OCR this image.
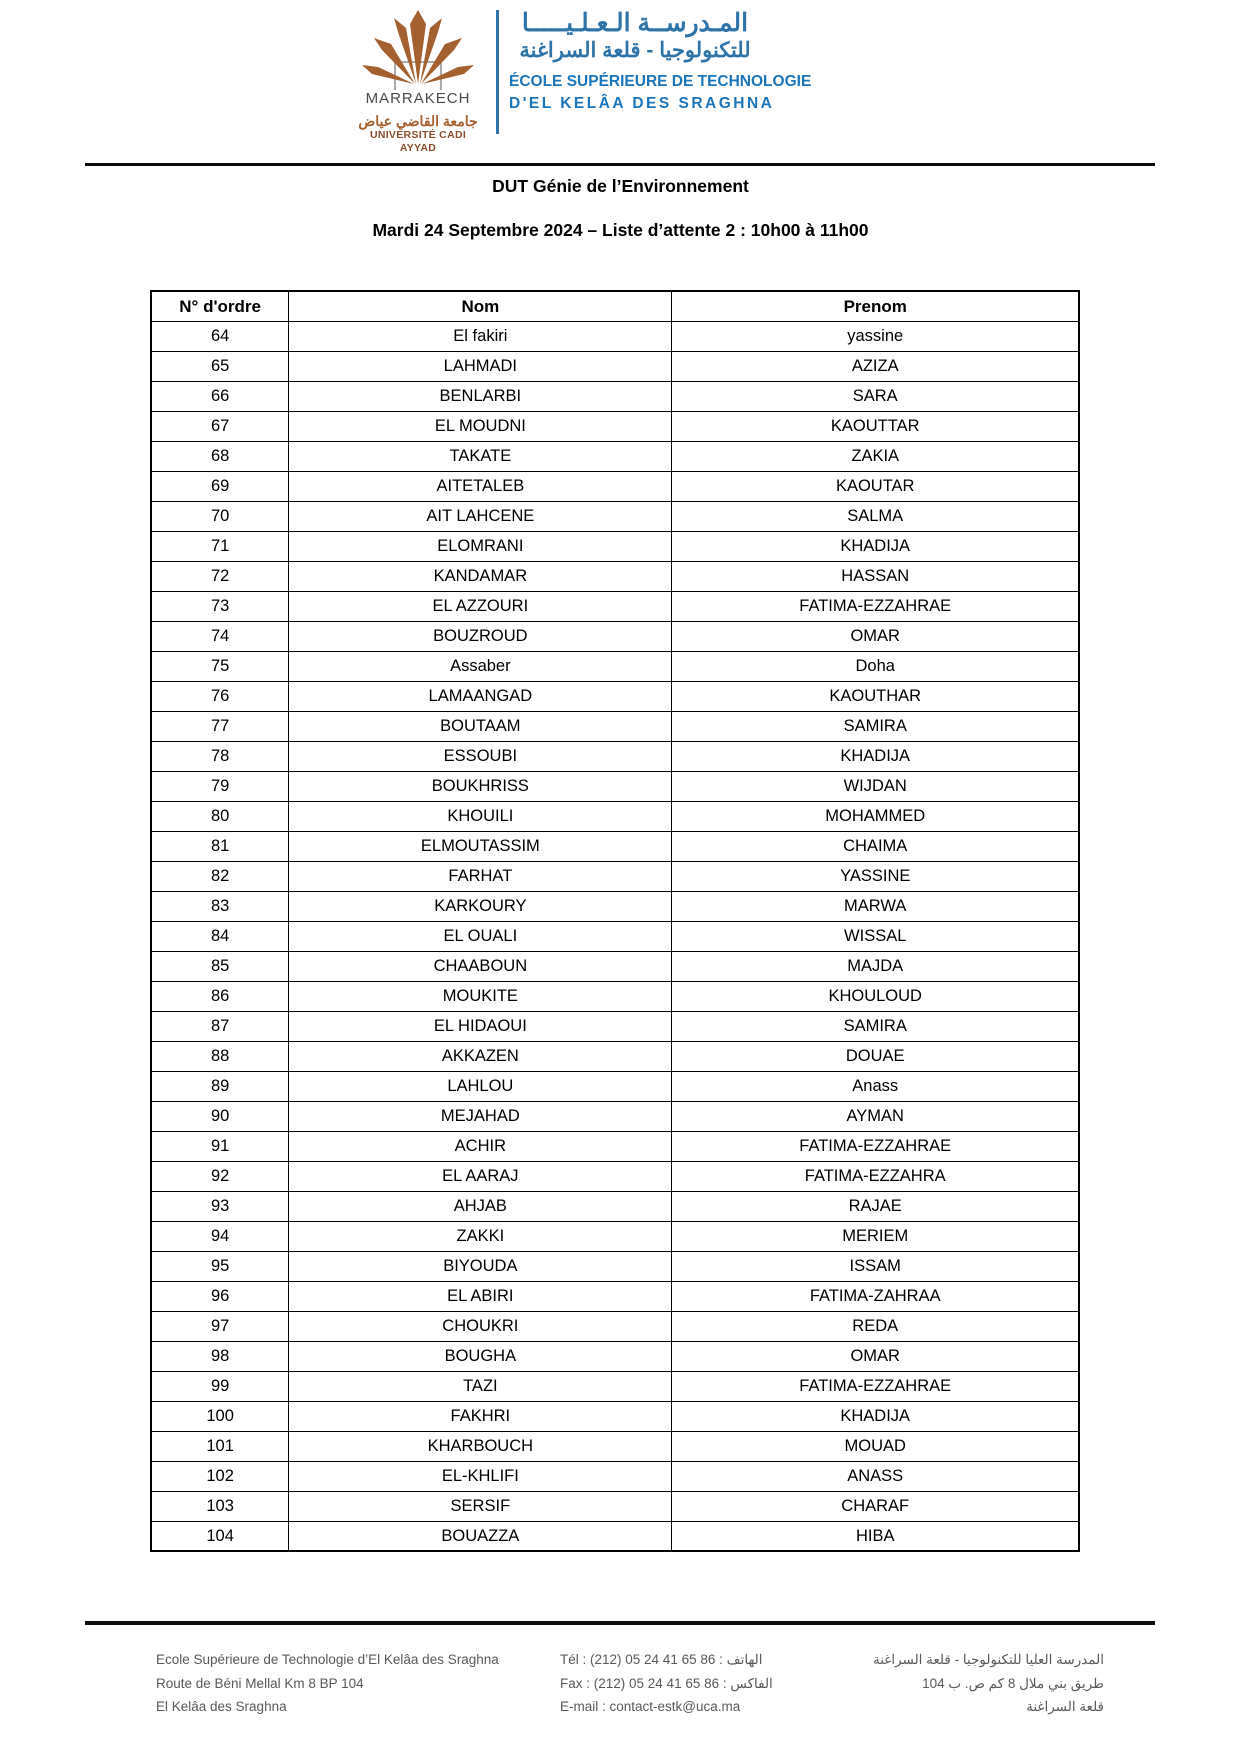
MARRAKECH
جامعة القاضي عياض
UNIVERSITÉ CADI AYYAD
المـدرســة الـعـلـيـــــا
للتكنولوجيا - قلعة السراغنة
ÉCOLE SUPÉRIEURE DE TECHNOLOGIE
D'EL KELÂA DES SRAGHNA
DUT Génie de l’Environnement
Mardi 24 Septembre 2024 – Liste d’attente 2 : 10h00 à 11h00
N° d'ordre	Nom	Prenom
64	El fakiri	yassine
65	LAHMADI	AZIZA
66	BENLARBI	SARA
67	EL MOUDNI	KAOUTTAR
68	TAKATE	ZAKIA
69	AITETALEB	KAOUTAR
70	AIT LAHCENE	SALMA
71	ELOMRANI	KHADIJA
72	KANDAMAR	HASSAN
73	EL AZZOURI	FATIMA-EZZAHRAE
74	BOUZROUD	OMAR
75	Assaber	Doha
76	LAMAANGAD	KAOUTHAR
77	BOUTAAM	SAMIRA
78	ESSOUBI	KHADIJA
79	BOUKHRISS	WIJDAN
80	KHOUILI	MOHAMMED
81	ELMOUTASSIM	CHAIMA
82	FARHAT	YASSINE
83	KARKOURY	MARWA
84	EL OUALI	WISSAL
85	CHAABOUN	MAJDA
86	MOUKITE	KHOULOUD
87	EL HIDAOUI	SAMIRA
88	AKKAZEN	DOUAE
89	LAHLOU	Anass
90	MEJAHAD	AYMAN
91	ACHIR	FATIMA-EZZAHRAE
92	EL AARAJ	FATIMA-EZZAHRA
93	AHJAB	RAJAE
94	ZAKKI	MERIEM
95	BIYOUDA	ISSAM
96	EL ABIRI	FATIMA-ZAHRAA
97	CHOUKRI	REDA
98	BOUGHA	OMAR
99	TAZI	FATIMA-EZZAHRAE
100	FAKHRI	KHADIJA
101	KHARBOUCH	MOUAD
102	EL-KHLIFI	ANASS
103	SERSIF	CHARAF
104	BOUAZZA	HIBA
Ecole Supérieure de Technologie d’El Kelâa des Sraghna
Route de Béni Mellal Km 8 BP 104
El Kelâa des Sraghna
Tél : (212) 05 24 41 65 86 : الهاتف
Fax : (212) 05 24 41 65 86 : الفاكس
E-mail : contact-estk@uca.ma
المدرسة العليا للتكنولوجيا - قلعة السراغنة
طريق بني ملال 8 كم ص. ب 104
قلعة السراغنة
